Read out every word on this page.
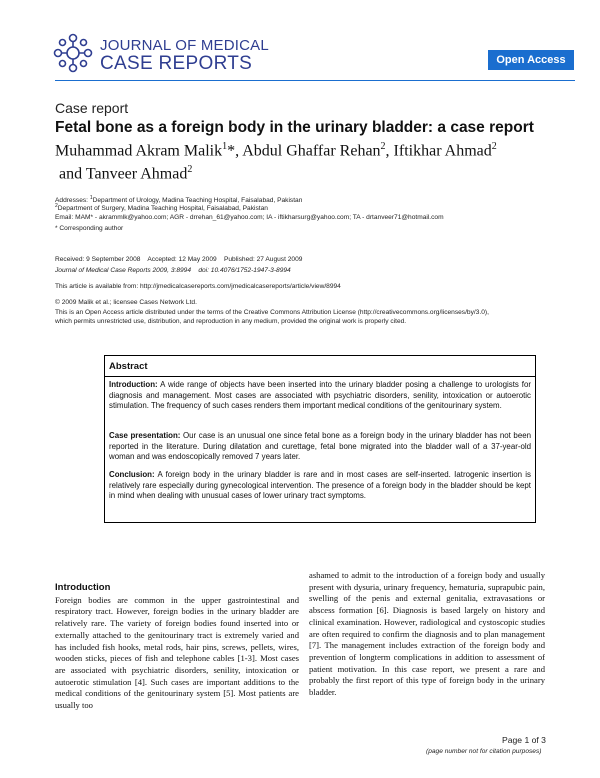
JOURNAL OF MEDICAL
CASE REPORTS	Open Access
Case report
Fetal bone as a foreign body in the urinary bladder: a case report
Muhammad Akram Malik$^1$*, Abdul Ghaffar Rehan$^2$, Iftikhar Ahmad$^2$
and Tanveer Ahmad$^2$
Addresses: $^1$Department of Urology, Madina Teaching Hospital, Faisalabad, Pakistan
$^2$Department of Surgery, Madina Teaching Hospital, Faisalabad, Pakistan
Email: MAM* - akrammlk@yahoo.com; AGR - drrehan_61@yahoo.com; IA - iftikharsurg@yahoo.com; TA - drtanveer71@hotmail.com
* Corresponding author
Received: 9 September 2008    Accepted: 12 May 2009    Published: 27 August 2009
Journal of Medical Case Reports 2009, 3:8994    doi: 10.4076/1752-1947-3-8994
This article is available from: http://jmedicalcasereports.com/jmedicalcasereports/article/view/8994
© 2009 Malik et al.; licensee Cases Network Ltd.
This is an Open Access article distributed under the terms of the Creative Commons Attribution License (http://creativecommons.org/licenses/by/3.0),
which permits unrestricted use, distribution, and reproduction in any medium, provided the original work is properly cited.
Abstract
Introduction: A wide range of objects have been inserted into the urinary bladder posing a challenge to urologists for diagnosis and management. Most cases are associated with psychiatric disorders, senility, intoxication or autoerotic stimulation. The frequency of such cases renders them important medical conditions of the genitourinary system.
Case presentation: Our case is an unusual one since fetal bone as a foreign body in the urinary bladder has not been reported in the literature. During dilatation and curettage, fetal bone migrated into the bladder wall of a 37-year-old woman and was endoscopically removed 7 years later.
Conclusion: A foreign body in the urinary bladder is rare and in most cases are self-inserted. Iatrogenic insertion is relatively rare especially during gynecological intervention. The presence of a foreign body in the bladder should be kept in mind when dealing with unusual cases of lower urinary tract symptoms.
Introduction
Foreign bodies are common in the upper gastrointestinal and respiratory tract. However, foreign bodies in the urinary bladder are relatively rare. The variety of foreign bodies found inserted into or externally attached to the genitourinary tract is extremely varied and has included fish hooks, metal rods, hair pins, screws, pellets, wires, wooden sticks, pieces of fish and telephone cables [1-3]. Most cases are associated with psychiatric disorders, senility, intoxication or autoerotic stimulation [4]. Such cases are important additions to the medical conditions of the genitourinary system [5]. Most patients are usually too
ashamed to admit to the introduction of a foreign body and usually present with dysuria, urinary frequency, hematuria, suprapubic pain, swelling of the penis and external genitalia, extravasations or abscess formation [6]. Diagnosis is based largely on history and clinical examination. However, radiological and cystoscopic studies are often required to confirm the diagnosis and to plan management [7]. The management includes extraction of the foreign body and prevention of longterm complications in addition to assessment of patient motivation. In this case report, we present a rare and probably the first report of this type of foreign body in the urinary bladder.
Page 1 of 3
(page number not for citation purposes)
